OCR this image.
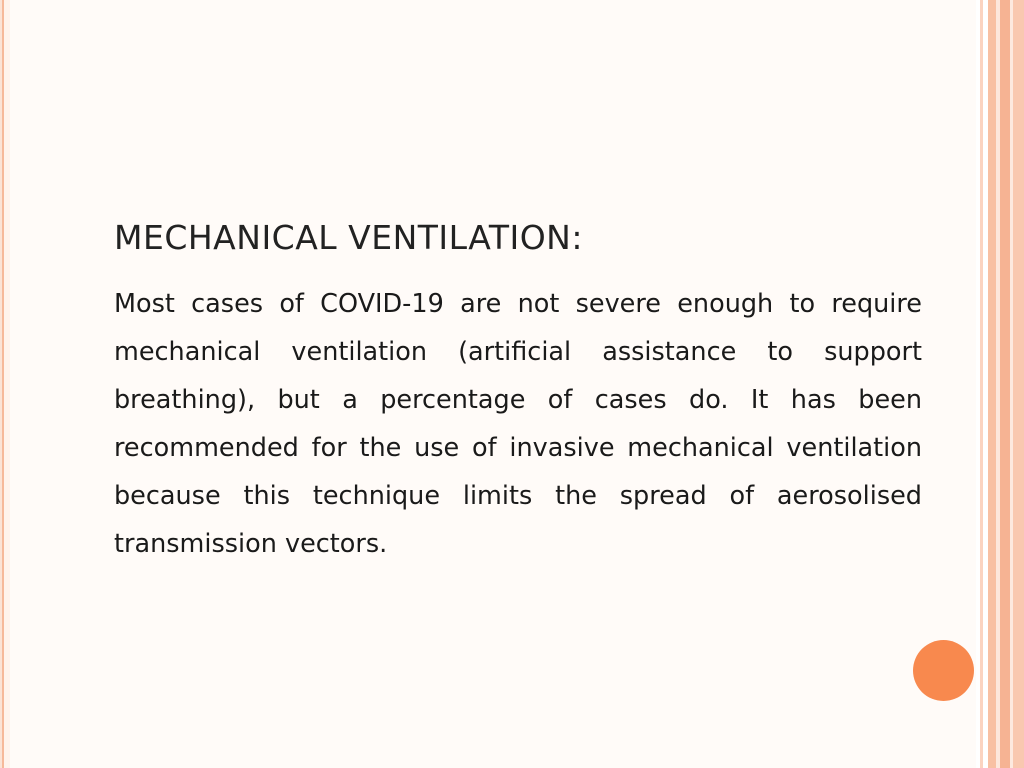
MECHANICAL VENTILATION:

Most cases of COVID-19 are not severe enough to require mechanical ventilation (artificial assistance to support breathing), but a percentage of cases do. It has been recommended for the use of invasive mechanical ventilation because this technique limits the spread of aerosolised transmission vectors.
